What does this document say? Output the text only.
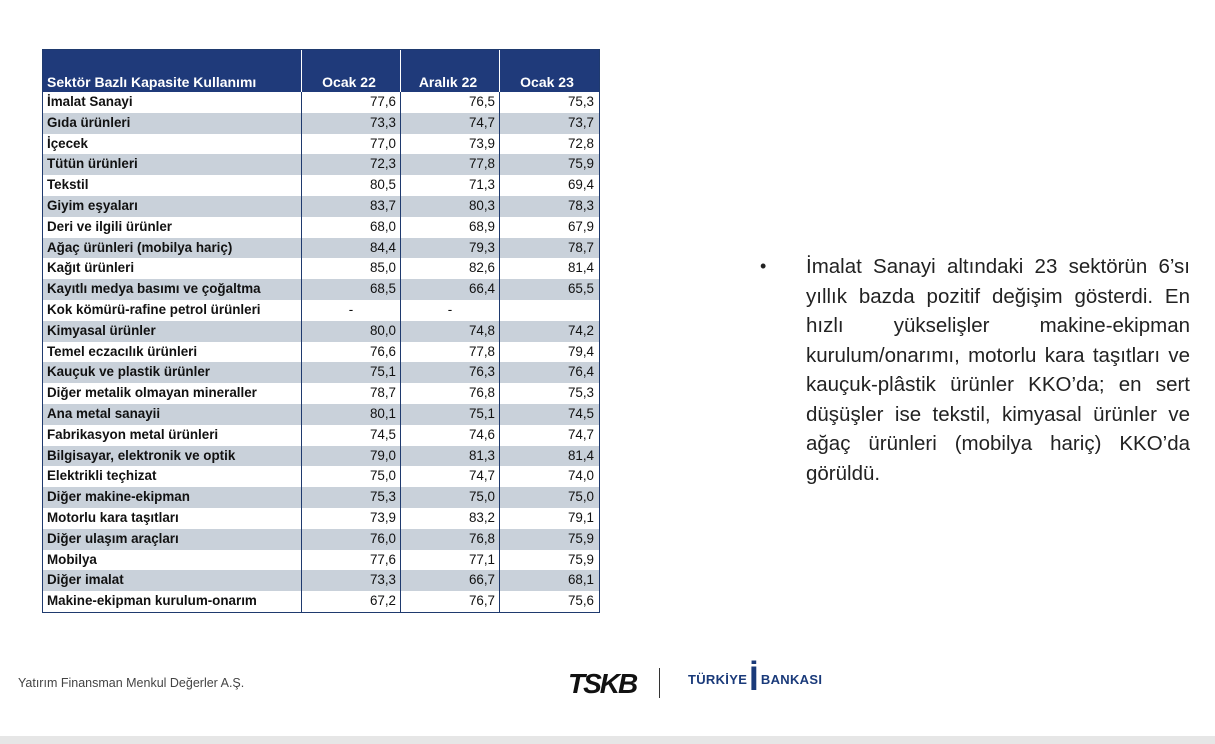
Sektör Bazlı Kapasite Kullanımı	Ocak 22	Aralık 22	Ocak 23
İmalat Sanayi	77,6	76,5	75,3
Gıda ürünleri	73,3	74,7	73,7
İçecek	77,0	73,9	72,8
Tütün ürünleri	72,3	77,8	75,9
Tekstil	80,5	71,3	69,4
Giyim eşyaları	83,7	80,3	78,3
Deri ve ilgili ürünler	68,0	68,9	67,9
Ağaç ürünleri (mobilya hariç)	84,4	79,3	78,7
Kağıt ürünleri	85,0	82,6	81,4
Kayıtlı medya basımı ve çoğaltma	68,5	66,4	65,5
Kok kömürü-rafine petrol ürünleri	-	-
Kimyasal ürünler	80,0	74,8	74,2
Temel eczacılık ürünleri	76,6	77,8	79,4
Kauçuk ve plastik ürünler	75,1	76,3	76,4
Diğer metalik olmayan mineraller	78,7	76,8	75,3
Ana metal sanayii	80,1	75,1	74,5
Fabrikasyon metal ürünleri	74,5	74,6	74,7
Bilgisayar, elektronik ve optik	79,0	81,3	81,4
Elektrikli teçhizat	75,0	74,7	74,0
Diğer makine-ekipman	75,3	75,0	75,0
Motorlu kara taşıtları	73,9	83,2	79,1
Diğer ulaşım araçları	76,0	76,8	75,9
Mobilya	77,6	77,1	75,9
Diğer imalat	73,3	66,7	68,1
Makine-ekipman kurulum-onarım	67,2	76,7	75,6
•	İmalat Sanayi altındaki 23 sektörün 6’sı yıllık bazda pozitif değişim gösterdi. En hızlı yükselişler makine-ekipman kurulum/onarımı, motorlu kara taşıtları ve kauçuk-plâstik ürünler KKO’da; en sert düşüşler ise tekstil, kimyasal ürünler ve ağaç ürünleri (mobilya hariç) KKO’da görüldü.
Yatırım Finansman Menkul Değerler A.Ş.	TSKB	TÜRKİYE İ BANKASI
